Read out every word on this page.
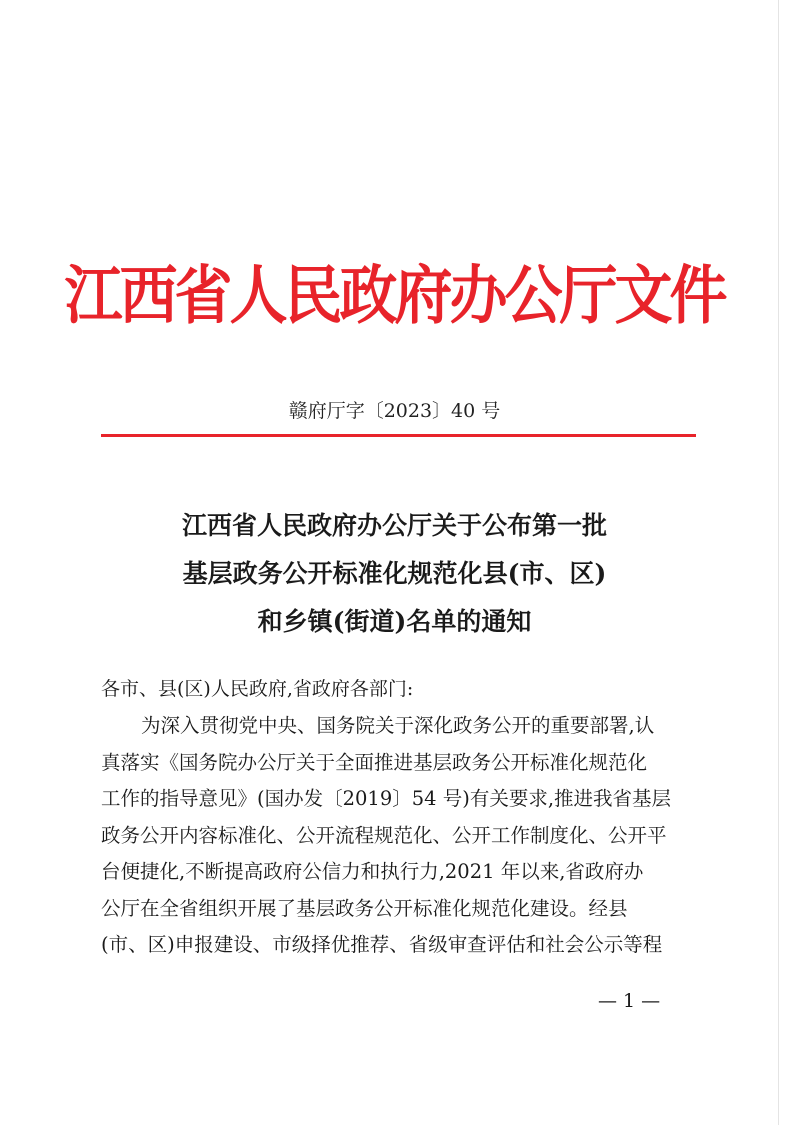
江西省人民政府办公厅文件
赣府厅字〔2023〕40 号
江西省人民政府办公厅关于公布第一批
基层政务公开标准化规范化县(市、区)
和乡镇(街道)名单的通知
各市、县(区)人民政府,省政府各部门:
为深入贯彻党中央、国务院关于深化政务公开的重要部署,认
真落实《国务院办公厅关于全面推进基层政务公开标准化规范化
工作的指导意见》(国办发〔2019〕54 号)有关要求,推进我省基层
政务公开内容标准化、公开流程规范化、公开工作制度化、公开平
台便捷化,不断提高政府公信力和执行力,2021 年以来,省政府办
公厅在全省组织开展了基层政务公开标准化规范化建设。经县
(市、区)申报建设、市级择优推荐、省级审查评估和社会公示等程
— 1 —
